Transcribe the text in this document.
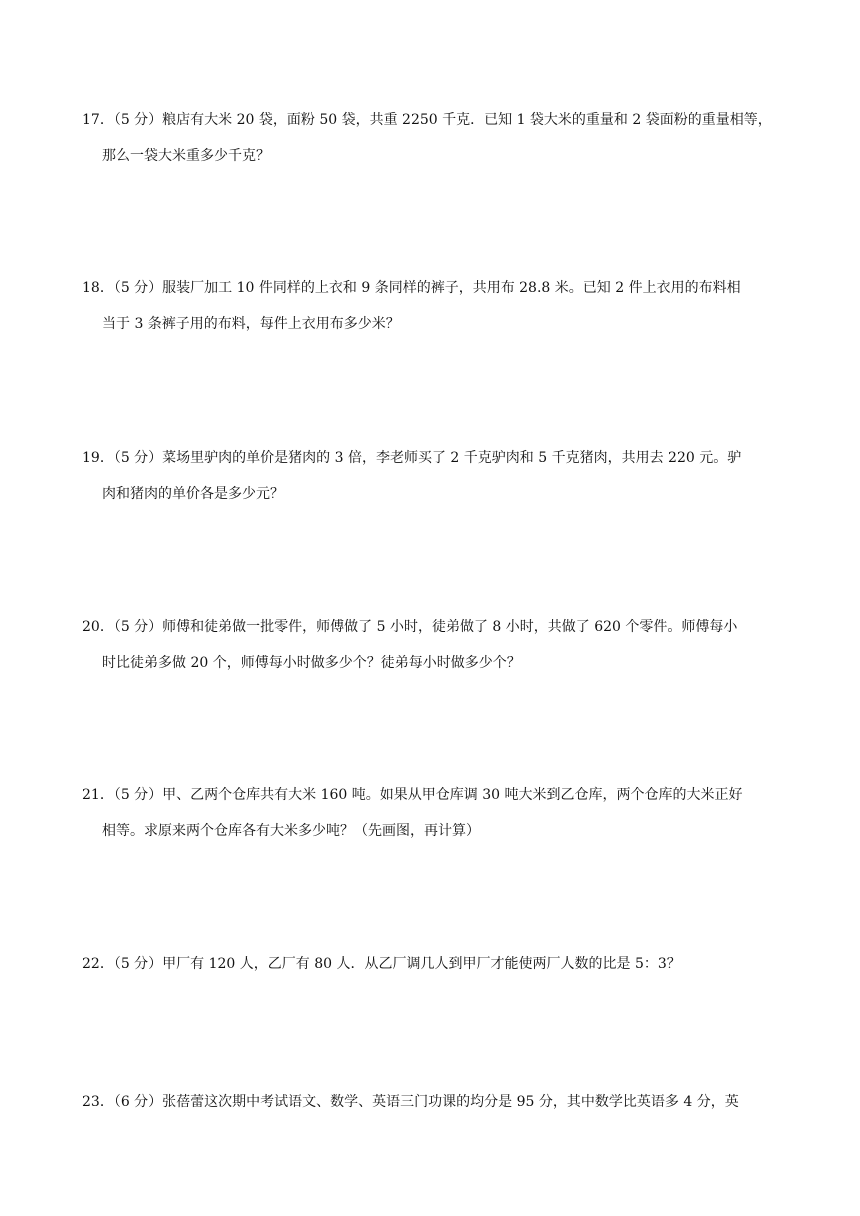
17．（5 分）粮店有大米 20 袋，面粉 50 袋，共重 2250 千克．已知 1 袋大米的重量和 2 袋面粉的重量相等，
那么一袋大米重多少千克？
18．（5 分）服装厂加工 10 件同样的上衣和 9 条同样的裤子，共用布 28.8 米。已知 2 件上衣用的布料相
当于 3 条裤子用的布料，每件上衣用布多少米？
19．（5 分）菜场里驴肉的单价是猪肉的 3 倍，李老师买了 2 千克驴肉和 5 千克猪肉，共用去 220 元。驴
肉和猪肉的单价各是多少元？
20．（5 分）师傅和徒弟做一批零件，师傅做了 5 小时，徒弟做了 8 小时，共做了 620 个零件。师傅每小
时比徒弟多做 20 个，师傅每小时做多少个？徒弟每小时做多少个？
21．（5 分）甲、乙两个仓库共有大米 160 吨。如果从甲仓库调 30 吨大米到乙仓库，两个仓库的大米正好
相等。求原来两个仓库各有大米多少吨？（先画图，再计算）
22．（5 分）甲厂有 120 人，乙厂有 80 人．从乙厂调几人到甲厂才能使两厂人数的比是 5：3？
23．（6 分）张蓓蕾这次期中考试语文、数学、英语三门功课的均分是 95 分，其中数学比英语多 4 分，英
